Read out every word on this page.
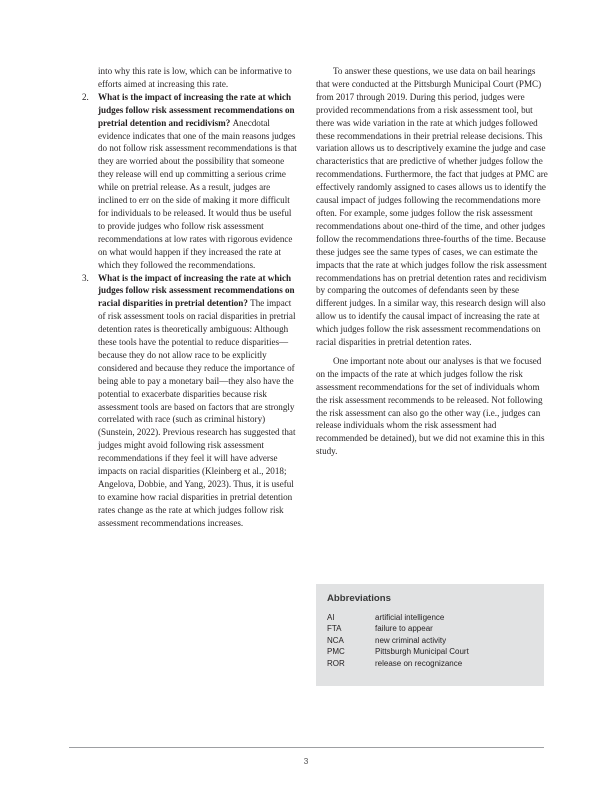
into why this rate is low, which can be informative to efforts aimed at increasing this rate.

2. What is the impact of increasing the rate at which judges follow risk assessment recommendations on pretrial detention and recidivism? Anecdotal evidence indicates that one of the main reasons judges do not follow risk assessment recommendations is that they are worried about the possibility that someone they release will end up committing a serious crime while on pretrial release. As a result, judges are inclined to err on the side of making it more difficult for individuals to be released. It would thus be useful to provide judges who follow risk assessment recommendations at low rates with rigorous evidence on what would happen if they increased the rate at which they followed the recommendations.
3. What is the impact of increasing the rate at which judges follow risk assessment recommendations on racial disparities in pretrial detention? The impact of risk assessment tools on racial disparities in pretrial detention rates is theoretically ambiguous: Although these tools have the potential to reduce disparities—because they do not allow race to be explicitly considered and because they reduce the importance of being able to pay a monetary bail—they also have the potential to exacerbate disparities because risk assessment tools are based on factors that are strongly correlated with race (such as criminal history) (Sunstein, 2022). Previous research has suggested that judges might avoid following risk assessment recommendations if they feel it will have adverse impacts on racial disparities (Kleinberg et al., 2018; Angelova, Dobbie, and Yang, 2023). Thus, it is useful to examine how racial disparities in pretrial detention rates change as the rate at which judges follow risk assessment recommendations increases.

To answer these questions, we use data on bail hearings that were conducted at the Pittsburgh Municipal Court (PMC) from 2017 through 2019. During this period, judges were provided recommendations from a risk assessment tool, but there was wide variation in the rate at which judges followed these recommendations in their pretrial release decisions. This variation allows us to descriptively examine the judge and case characteristics that are predictive of whether judges follow the recommendations. Furthermore, the fact that judges at PMC are effectively randomly assigned to cases allows us to identify the causal impact of judges following the recommendations more often. For example, some judges follow the risk assessment recommendations about one-third of the time, and other judges follow the recommendations three-fourths of the time. Because these judges see the same types of cases, we can estimate the impacts that the rate at which judges follow the risk assessment recommendations has on pretrial detention rates and recidivism by comparing the outcomes of defendants seen by these different judges. In a similar way, this research design will also allow us to identify the causal impact of increasing the rate at which judges follow the risk assessment recommendations on racial disparities in pretrial detention rates.

One important note about our analyses is that we focused on the impacts of the rate at which judges follow the risk assessment recommendations for the set of individuals whom the risk assessment recommends to be released. Not following the risk assessment can also go the other way (i.e., judges can release individuals whom the risk assessment had recommended be detained), but we did not examine this in this study.

Abbreviations
AI	artificial intelligence
FTA	failure to appear
NCA	new criminal activity
PMC	Pittsburgh Municipal Court
ROR	release on recognizance
3
